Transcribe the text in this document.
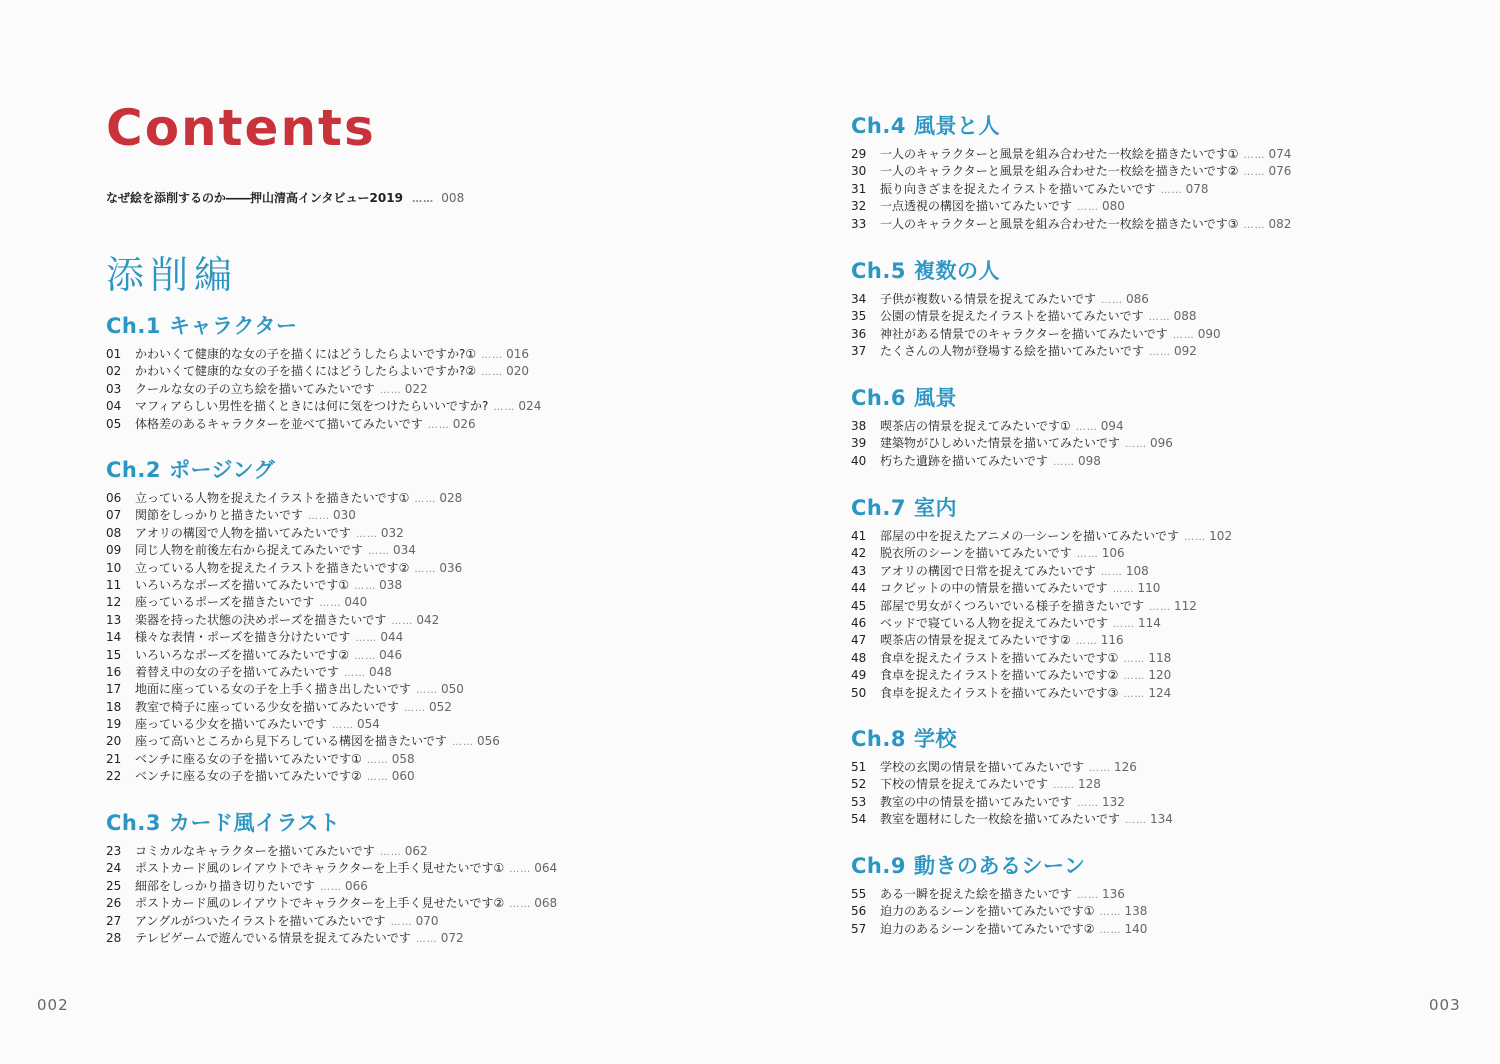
Contents
なぜ絵を添削するのか――押山清高インタビュー2019 …… 008
添削編
Ch.1 キャラクター
01 かわいくて健康的な女の子を描くにはどうしたらよいですか?① …… 016
02 かわいくて健康的な女の子を描くにはどうしたらよいですか?② …… 020
03 クールな女の子の立ち絵を描いてみたいです …… 022
04 マフィアらしい男性を描くときには何に気をつけたらいいですか? …… 024
05 体格差のあるキャラクターを並べて描いてみたいです …… 026
Ch.2 ポージング
06 立っている人物を捉えたイラストを描きたいです① …… 028
07 関節をしっかりと描きたいです …… 030
08 アオリの構図で人物を描いてみたいです …… 032
09 同じ人物を前後左右から捉えてみたいです …… 034
10 立っている人物を捉えたイラストを描きたいです② …… 036
11 いろいろなポーズを描いてみたいです① …… 038
12 座っているポーズを描きたいです …… 040
13 楽器を持った状態の決めポーズを描きたいです …… 042
14 様々な表情・ポーズを描き分けたいです …… 044
15 いろいろなポーズを描いてみたいです② …… 046
16 着替え中の女の子を描いてみたいです …… 048
17 地面に座っている女の子を上手く描き出したいです …… 050
18 教室で椅子に座っている少女を描いてみたいです …… 052
19 座っている少女を描いてみたいです …… 054
20 座って高いところから見下ろしている構図を描きたいです …… 056
21 ベンチに座る女の子を描いてみたいです① …… 058
22 ベンチに座る女の子を描いてみたいです② …… 060
Ch.3 カード風イラスト
23 コミカルなキャラクターを描いてみたいです …… 062
24 ポストカード風のレイアウトでキャラクターを上手く見せたいです① …… 064
25 細部をしっかり描き切りたいです …… 066
26 ポストカード風のレイアウトでキャラクターを上手く見せたいです② …… 068
27 アングルがついたイラストを描いてみたいです …… 070
28 テレビゲームで遊んでいる情景を捉えてみたいです …… 072
Ch.4 風景と人
29 一人のキャラクターと風景を組み合わせた一枚絵を描きたいです① …… 074
30 一人のキャラクターと風景を組み合わせた一枚絵を描きたいです② …… 076
31 振り向きざまを捉えたイラストを描いてみたいです …… 078
32 一点透視の構図を描いてみたいです …… 080
33 一人のキャラクターと風景を組み合わせた一枚絵を描きたいです③ …… 082
Ch.5 複数の人
34 子供が複数いる情景を捉えてみたいです …… 086
35 公園の情景を捉えたイラストを描いてみたいです …… 088
36 神社がある情景でのキャラクターを描いてみたいです …… 090
37 たくさんの人物が登場する絵を描いてみたいです …… 092
Ch.6 風景
38 喫茶店の情景を捉えてみたいです① …… 094
39 建築物がひしめいた情景を描いてみたいです …… 096
40 朽ちた遺跡を描いてみたいです …… 098
Ch.7 室内
41 部屋の中を捉えたアニメの一シーンを描いてみたいです …… 102
42 脱衣所のシーンを描いてみたいです …… 106
43 アオリの構図で日常を捉えてみたいです …… 108
44 コクピットの中の情景を描いてみたいです …… 110
45 部屋で男女がくつろいでいる様子を描きたいです …… 112
46 ベッドで寝ている人物を捉えてみたいです …… 114
47 喫茶店の情景を捉えてみたいです② …… 116
48 食卓を捉えたイラストを描いてみたいです① …… 118
49 食卓を捉えたイラストを描いてみたいです② …… 120
50 食卓を捉えたイラストを描いてみたいです③ …… 124
Ch.8 学校
51 学校の玄関の情景を描いてみたいです …… 126
52 下校の情景を捉えてみたいです …… 128
53 教室の中の情景を描いてみたいです …… 132
54 教室を題材にした一枚絵を描いてみたいです …… 134
Ch.9 動きのあるシーン
55 ある一瞬を捉えた絵を描きたいです …… 136
56 迫力のあるシーンを描いてみたいです① …… 138
57 迫力のあるシーンを描いてみたいです② …… 140
002	003
